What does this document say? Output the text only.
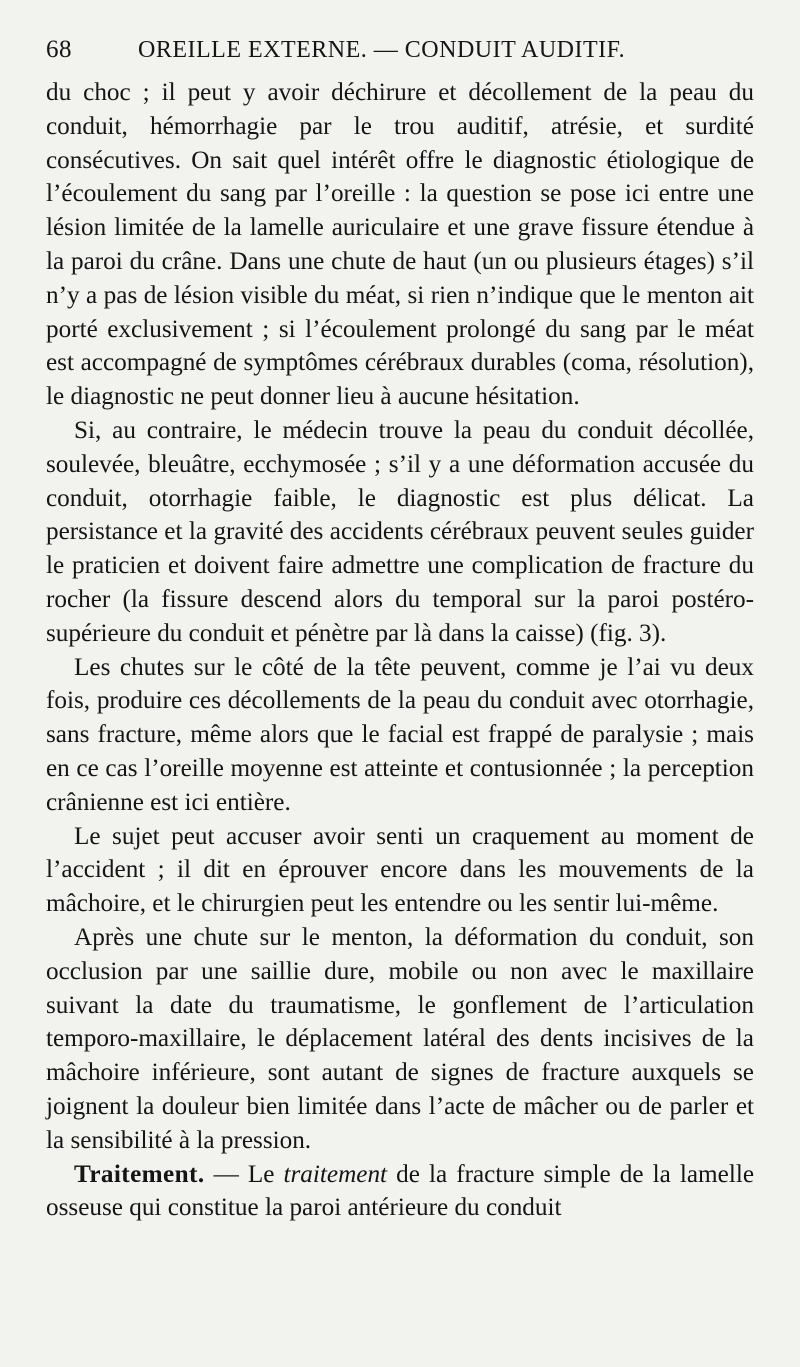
68	OREILLE EXTERNE. — CONDUIT AUDITIF.

du choc ; il peut y avoir déchirure et décollement de la peau du conduit, hémorrhagie par le trou auditif, atrésie, et surdité consécutives. On sait quel intérêt offre le diagnostic étiologique de l’écoulement du sang par l’oreille : la question se pose ici entre une lésion limitée de la lamelle auriculaire et une grave fissure étendue à la paroi du crâne. Dans une chute de haut (un ou plusieurs étages) s’il n’y a pas de lésion visible du méat, si rien n’indique que le menton ait porté exclusivement ; si l’écoulement prolongé du sang par le méat est accompagné de symptômes cérébraux durables (coma, résolution), le diagnostic ne peut donner lieu à aucune hésitation.

Si, au contraire, le médecin trouve la peau du conduit décollée, soulevée, bleuâtre, ecchymosée ; s’il y a une déformation accusée du conduit, otorrhagie faible, le diagnostic est plus délicat. La persistance et la gravité des accidents cérébraux peuvent seules guider le praticien et doivent faire admettre une complication de fracture du rocher (la fissure descend alors du temporal sur la paroi postéro-supérieure du conduit et pénètre par là dans la caisse) (fig. 3).

Les chutes sur le côté de la tête peuvent, comme je l’ai vu deux fois, produire ces décollements de la peau du conduit avec otorrhagie, sans fracture, même alors que le facial est frappé de paralysie ; mais en ce cas l’oreille moyenne est atteinte et contusionnée ; la perception crânienne est ici entière.

Le sujet peut accuser avoir senti un craquement au moment de l’accident ; il dit en éprouver encore dans les mouvements de la mâchoire, et le chirurgien peut les entendre ou les sentir lui-même.

Après une chute sur le menton, la déformation du conduit, son occlusion par une saillie dure, mobile ou non avec le maxillaire suivant la date du traumatisme, le gonflement de l’articulation temporo-maxillaire, le déplacement latéral des dents incisives de la mâchoire inférieure, sont autant de signes de fracture auxquels se joignent la douleur bien limitée dans l’acte de mâcher ou de parler et la sensibilité à la pression.

Traitement. — Le traitement de la fracture simple de la lamelle osseuse qui constitue la paroi antérieure du conduit
